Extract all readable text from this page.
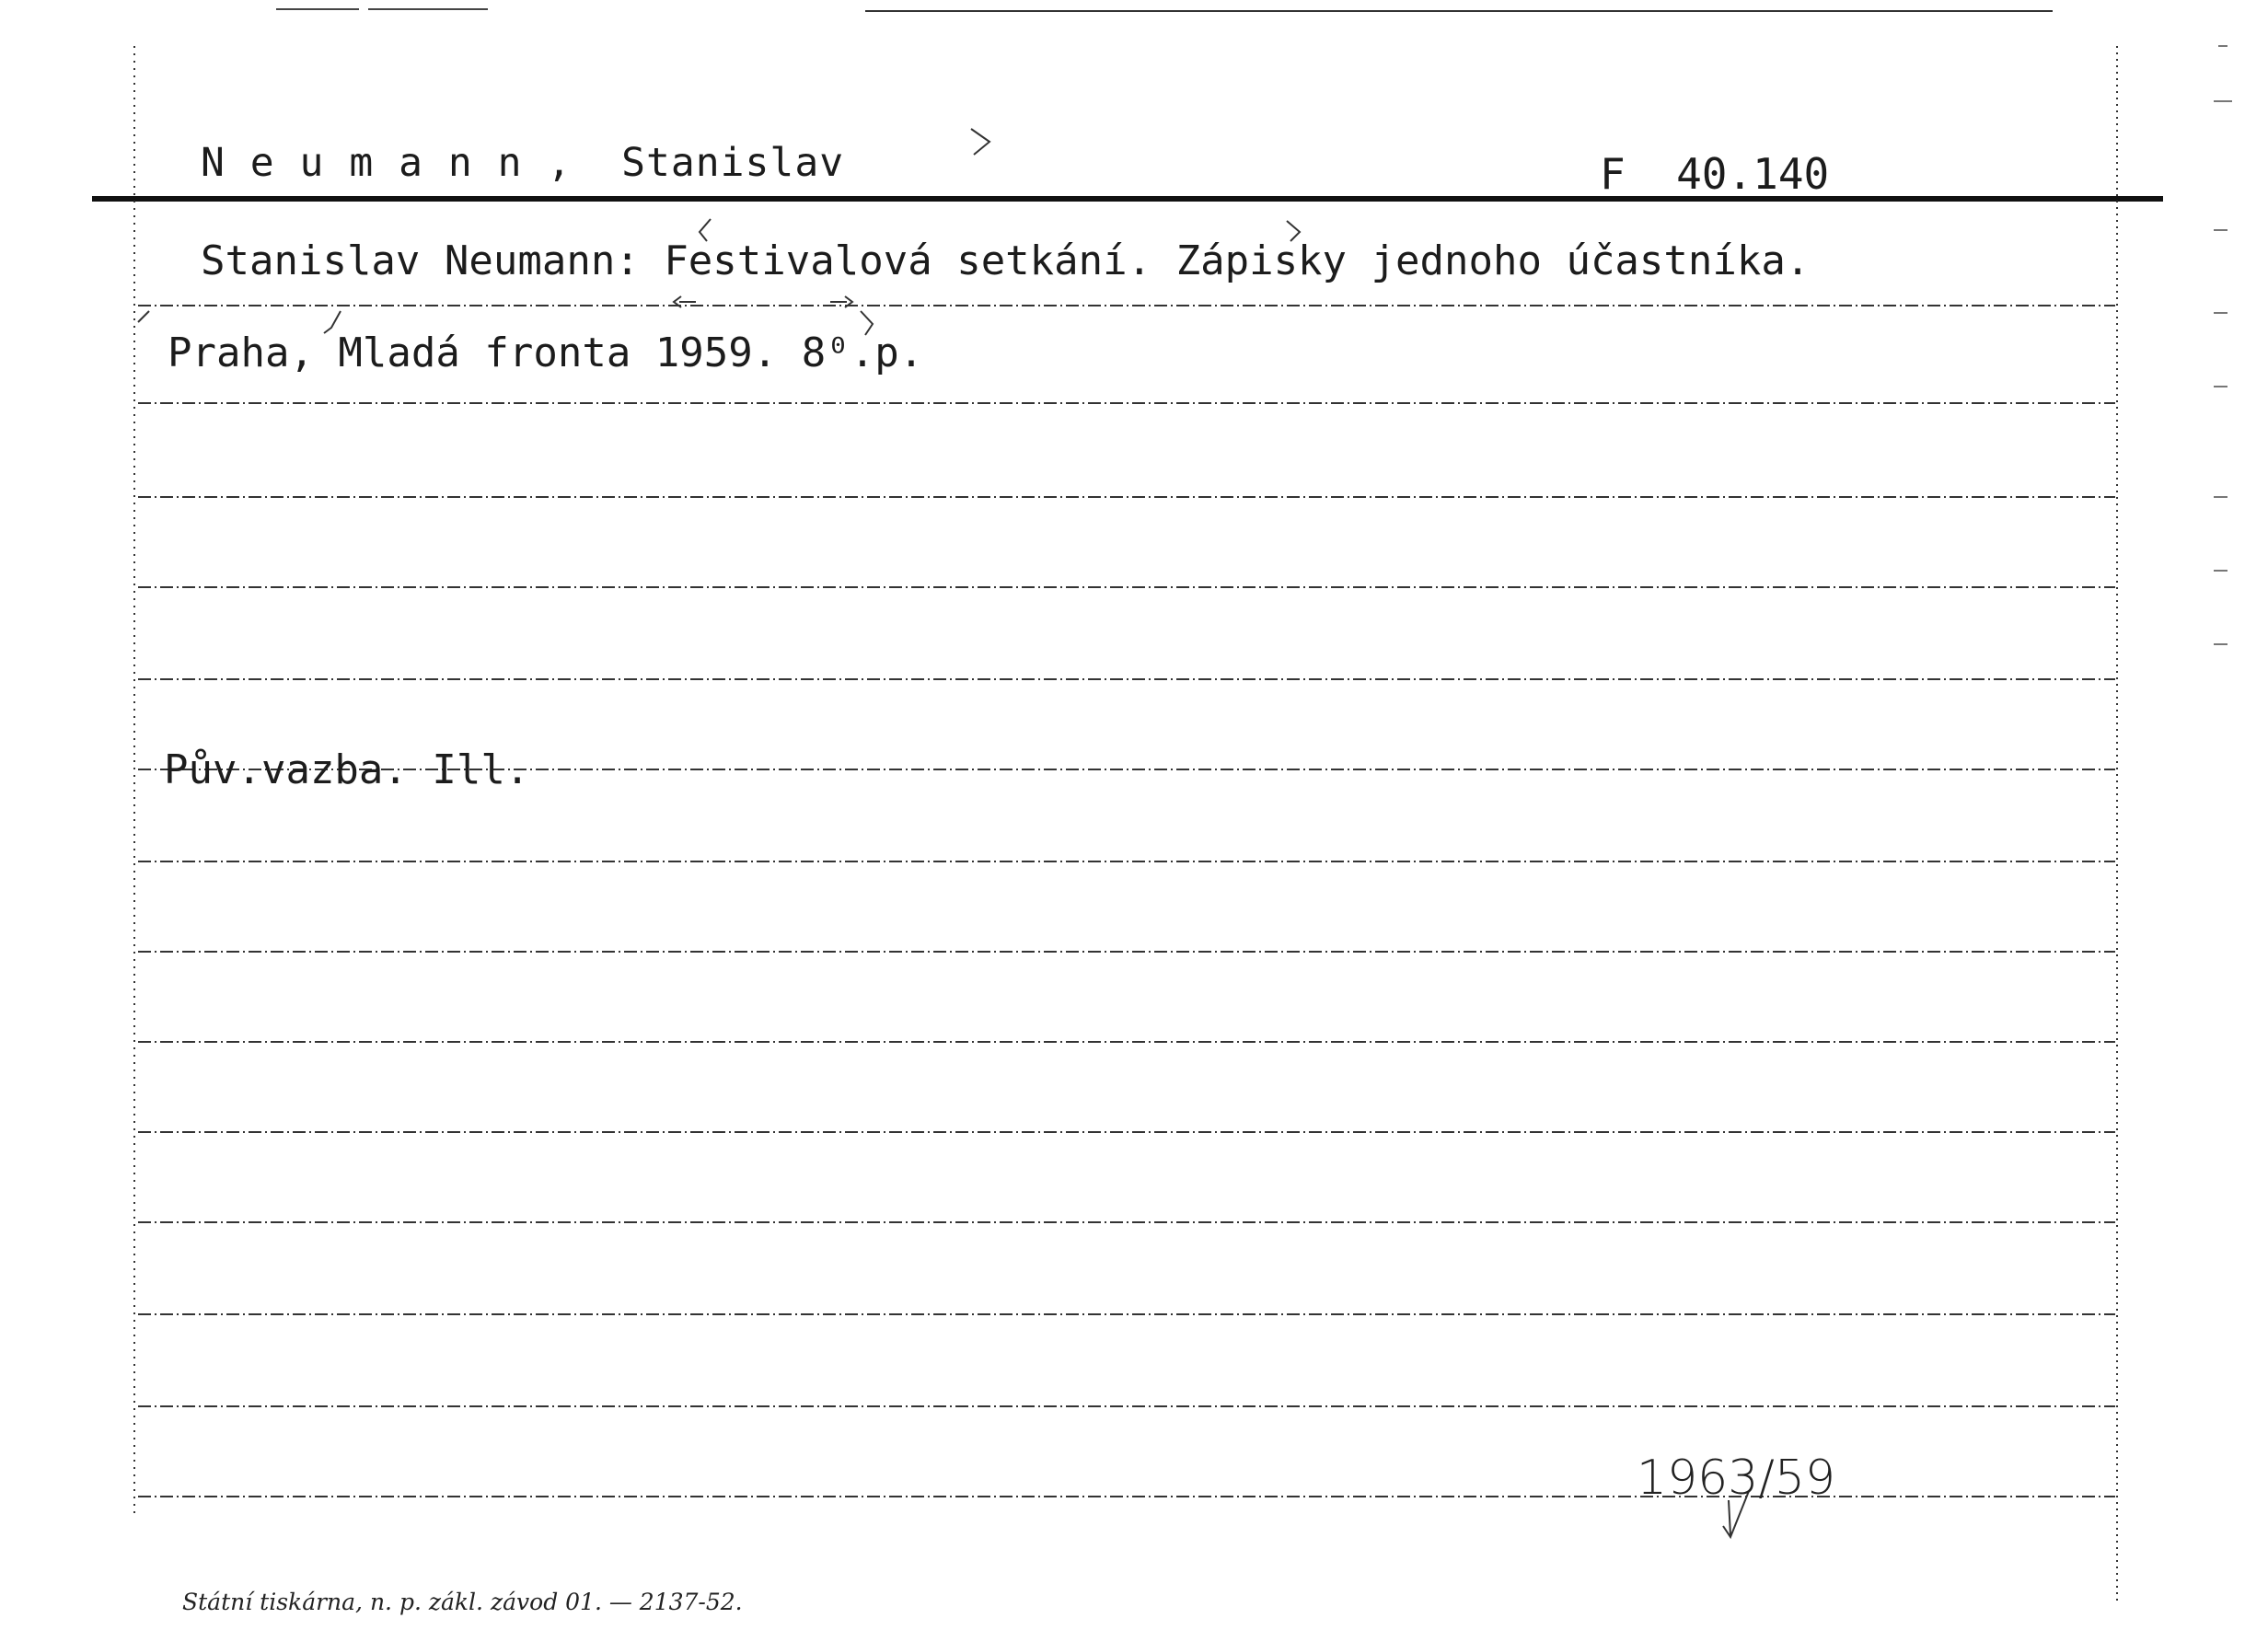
N e u m a n n ,  Stanislav	F  40.140
Stanislav Neumann: Festivalová setkání. Zápisky jednoho účastníka.
Praha, Mladá fronta 1959. 8⁰.p.
Pův.vazba. Ill.
1963/59
Státní tiskárna, n. p. zákl. závod 01. — 2137-52.
